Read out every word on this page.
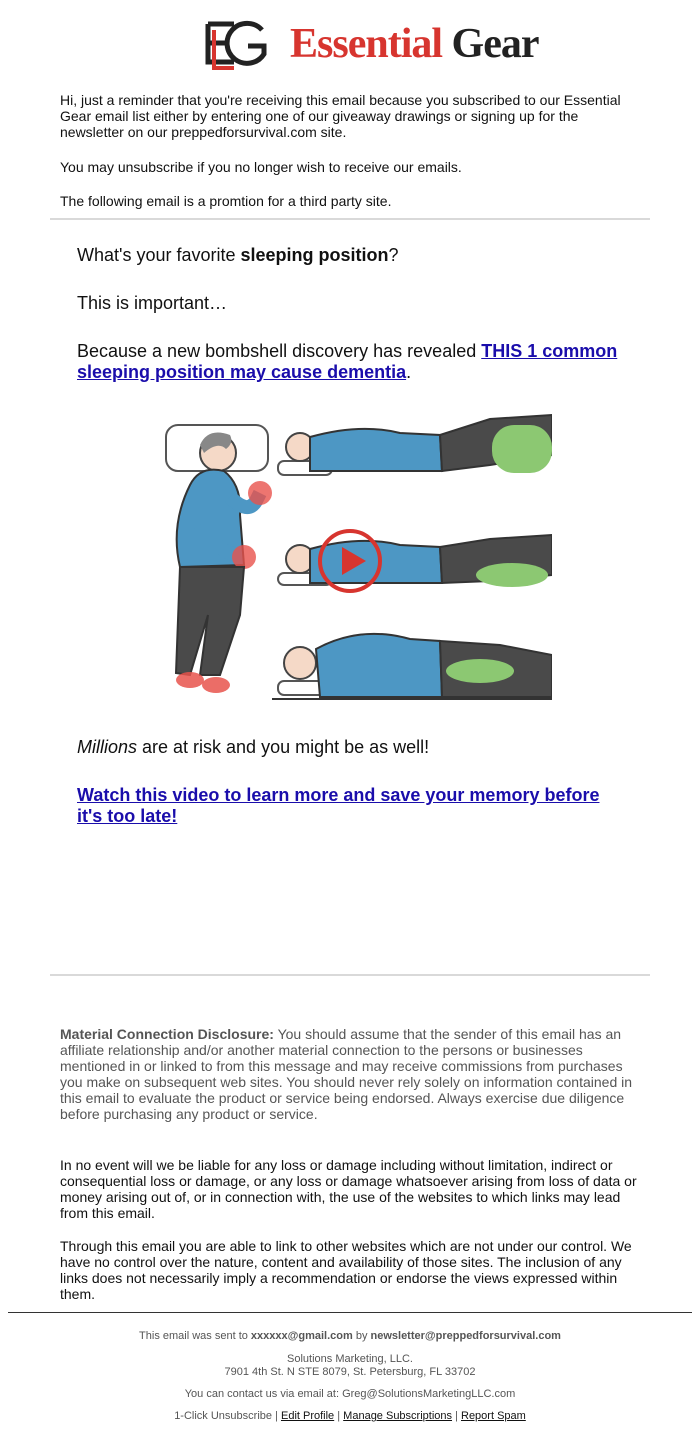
Essential Gear
Hi, just a reminder that you're receiving this email because you subscribed to our Essential Gear email list either by entering one of our giveaway drawings or signing up for the newsletter on our preppedforsurvival.com site.
You may unsubscribe if you no longer wish to receive our emails.
The following email is a promtion for a third party site.
What's your favorite sleeping position?
This is important…
Because a new bombshell discovery has revealed THIS 1 common sleeping position may cause dementia.
Millions are at risk and you might be as well!
Watch this video to learn more and save your memory before it's too late!
Material Connection Disclosure: You should assume that the sender of this email has an affiliate relationship and/or another material connection to the persons or businesses mentioned in or linked to from this message and may receive commissions from purchases you make on subsequent web sites. You should never rely solely on information contained in this email to evaluate the product or service being endorsed. Always exercise due diligence before purchasing any product or service.
In no event will we be liable for any loss or damage including without limitation, indirect or consequential loss or damage, or any loss or damage whatsoever arising from loss of data or money arising out of, or in connection with, the use of the websites to which links may lead from this email.
Through this email you are able to link to other websites which are not under our control. We have no control over the nature, content and availability of those sites. The inclusion of any links does not necessarily imply a recommendation or endorse the views expressed within them.
This email was sent to xxxxxx@gmail.com by newsletter@preppedforsurvival.com
Solutions Marketing, LLC.
7901 4th St. N STE 8079, St. Petersburg, FL 33702
You can contact us via email at: Greg@SolutionsMarketingLLC.com
1-Click Unsubscribe | Edit Profile | Manage Subscriptions | Report Spam
